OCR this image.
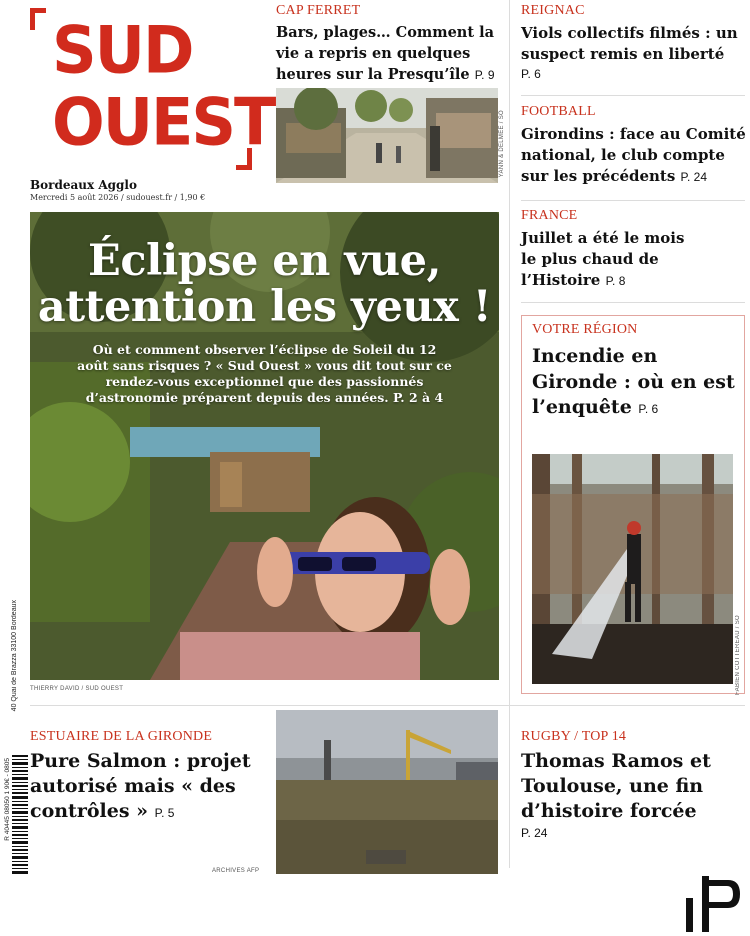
SUD
OUEST
Bordeaux Agglo
Mercredi 5 août 2026 / sudouest.fr / 1,90 €
CAP FERRET
Bars, plages… Comment la vie a repris en quelques heures sur la Presqu’île P. 9
YANN & DELMÉE / SO
REIGNAC
Viols collectifs filmés : un suspect remis en liberté
P. 6
FOOTBALL
Girondins : face au Comité national, le club compte sur les précédents P. 24
FRANCE
Juillet a été le mois le plus chaud de l’Histoire P. 8
Éclipse en vue, attention les yeux !
Où et comment observer l’éclipse de Soleil du 12 août sans risques ? « Sud Ouest » vous dit tout sur ce rendez-vous exceptionnel que des passionnés d’astronomie préparent depuis des années. P. 2 à 4
THIERRY DAVID / SUD OUEST
VOTRE RÉGION
Incendie en Gironde : où en est l’enquête P. 6
FABIEN COTTEREAU / SO
ESTUAIRE DE LA GIRONDE
Pure Salmon : projet autorisé mais « des contrôles » P. 5
ARCHIVES AFP
RUGBY / TOP 14
Thomas Ramos et Toulouse, une fin d’histoire forcée
P. 24
40 Quai de Brazza 33100 Bordeaux
R 40445 08050 1 90€ - 0805
